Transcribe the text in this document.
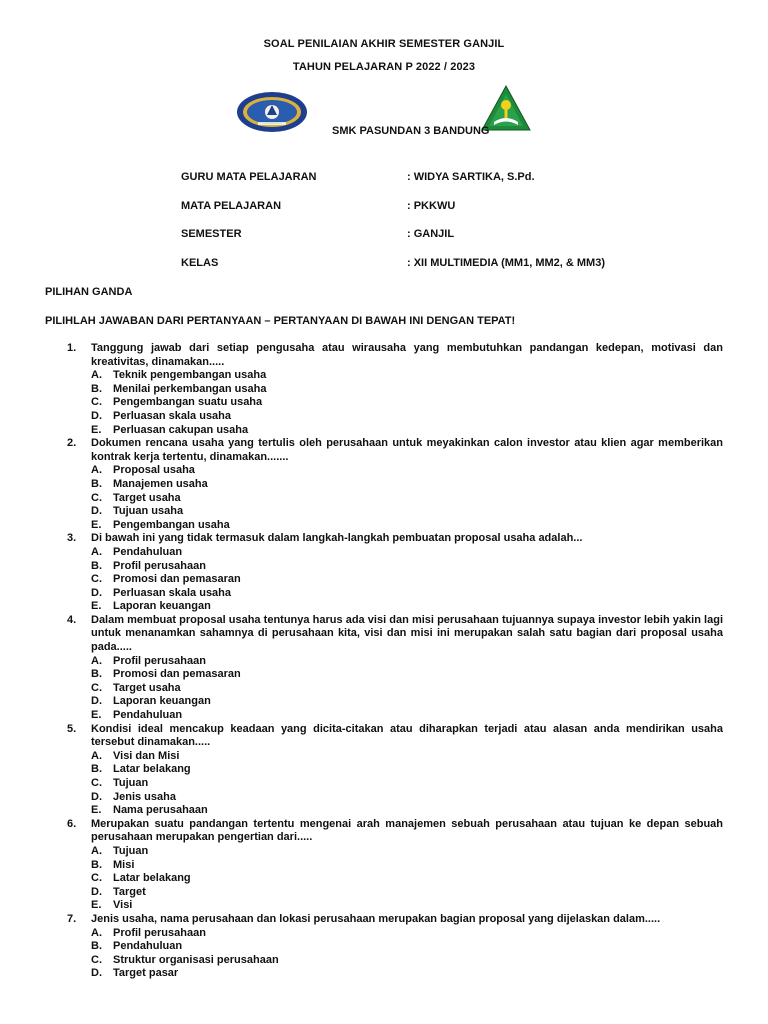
SOAL PENILAIAN AKHIR SEMESTER GANJIL
TAHUN PELAJARAN P 2022 / 2023
SMK PASUNDAN 3 BANDUNG
GURU MATA PELAJARAN	: WIDYA SARTIKA, S.Pd.
MATA PELAJARAN	: PKKWU
SEMESTER	: GANJIL
KELAS	: XII MULTIMEDIA (MM1, MM2, & MM3)
PILIHAN GANDA
PILIHLAH JAWABAN DARI PERTANYAAN – PERTANYAAN DI BAWAH INI DENGAN TEPAT!
1. Tanggung jawab dari setiap pengusaha atau wirausaha yang membutuhkan pandangan kedepan, motivasi dan kreativitas, dinamakan.....
A. Teknik pengembangan usaha
B. Menilai perkembangan usaha
C. Pengembangan suatu usaha
D. Perluasan skala usaha
E. Perluasan cakupan usaha
2. Dokumen rencana usaha yang tertulis oleh perusahaan untuk meyakinkan calon investor atau klien agar memberikan kontrak kerja tertentu, dinamakan.......
A. Proposal usaha
B. Manajemen usaha
C. Target usaha
D. Tujuan usaha
E. Pengembangan usaha
3. Di bawah ini yang tidak termasuk dalam langkah-langkah pembuatan proposal usaha adalah...
A. Pendahuluan
B. Profil perusahaan
C. Promosi dan pemasaran
D. Perluasan skala usaha
E. Laporan keuangan
4. Dalam membuat proposal usaha tentunya harus ada visi dan misi perusahaan tujuannya supaya investor lebih yakin lagi untuk menanamkan sahamnya di perusahaan kita, visi dan misi ini merupakan salah satu bagian dari proposal usaha pada.....
A. Profil perusahaan
B. Promosi dan pemasaran
C. Target usaha
D. Laporan keuangan
E. Pendahuluan
5. Kondisi ideal mencakup keadaan yang dicita-citakan atau diharapkan terjadi atau alasan anda mendirikan usaha tersebut dinamakan.....
A. Visi dan Misi
B. Latar belakang
C. Tujuan
D. Jenis usaha
E. Nama perusahaan
6. Merupakan suatu pandangan tertentu mengenai arah manajemen sebuah perusahaan atau tujuan ke depan sebuah perusahaan merupakan pengertian dari.....
A. Tujuan
B. Misi
C. Latar belakang
D. Target
E. Visi
7. Jenis usaha, nama perusahaan dan lokasi perusahaan merupakan bagian proposal yang dijelaskan dalam.....
A. Profil perusahaan
B. Pendahuluan
C. Struktur organisasi perusahaan
D. Target pasar
